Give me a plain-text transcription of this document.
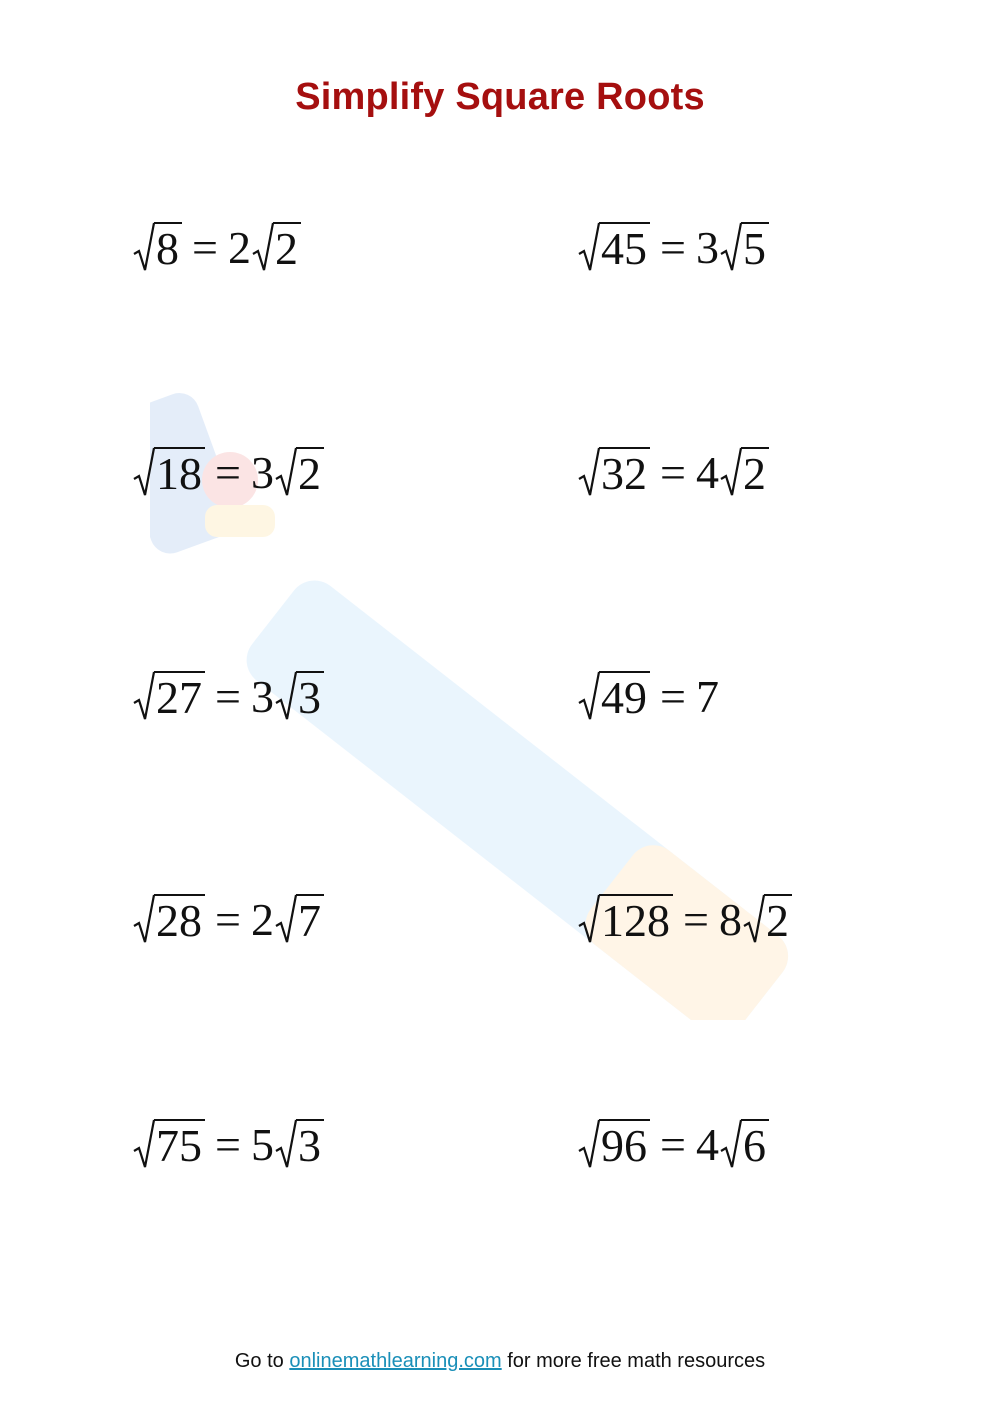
Simplify Square Roots
8 = 2 2	45 = 3 5
18 = 3 2	32 = 4 2
27 = 3 3	49 = 7
28 = 2 7	128 = 8 2
75 = 5 3	96 = 4 6
Go to onlinemathlearning.com for more free math resources
